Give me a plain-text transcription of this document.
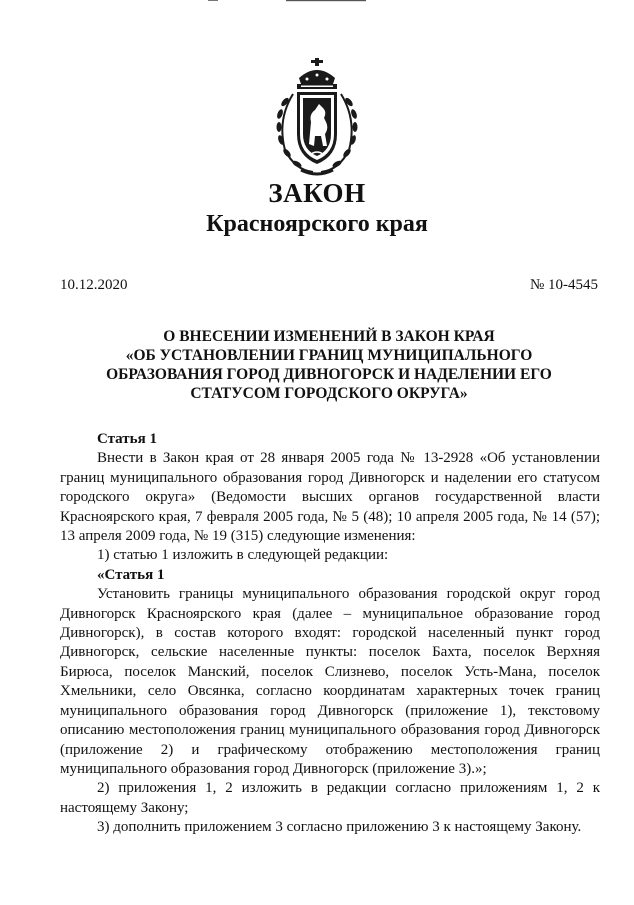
ЗАКОН
Красноярского края
10.12.2020	№ 10-4545
О ВНЕСЕНИИ ИЗМЕНЕНИЙ В ЗАКОН КРАЯ
«ОБ УСТАНОВЛЕНИИ ГРАНИЦ МУНИЦИПАЛЬНОГО
ОБРАЗОВАНИЯ ГОРОД ДИВНОГОРСК И НАДЕЛЕНИИ ЕГО
СТАТУСОМ ГОРОДСКОГО ОКРУГА»

Статья 1

Внести в Закон края от 28 января 2005 года № 13-2928 «Об установлении границ муниципального образования город Дивногорск и наделении его статусом городского округа» (Ведомости высших органов государственной власти Красноярского края, 7 февраля 2005 года, № 5 (48); 10 апреля 2005 года, № 14 (57); 13 апреля 2009 года, № 19 (315) следующие изменения:

1) статью 1 изложить в следующей редакции:

«Статья 1

Установить границы муниципального образования городской округ город Дивногорск Красноярского края (далее – муниципальное образование город Дивногорск), в состав которого входят: городской населенный пункт город Дивногорск, сельские населенные пункты: поселок Бахта, поселок Верхняя Бирюса, поселок Манский, поселок Слизнево, поселок Усть-Мана, поселок Хмельники, село Овсянка, согласно координатам характерных точек границ муниципального образования город Дивногорск (приложение 1), текстовому описанию местоположения границ муниципального образования город Дивногорск (приложение 2) и графическому отображению местоположения границ муниципального образования город Дивногорск (приложение 3).»;

2) приложения 1, 2 изложить в редакции согласно приложениям 1, 2 к настоящему Закону;

3) дополнить приложением 3 согласно приложению 3 к настоящему Закону.
